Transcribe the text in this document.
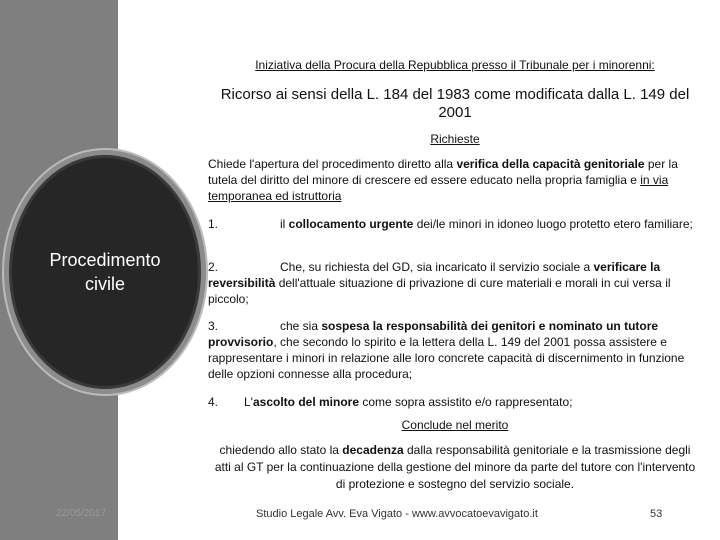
Procedimento civile
Iniziativa della Procura della Repubblica presso il Tribunale per i minorenni:
Ricorso ai sensi della L. 184 del 1983 come modificata dalla L. 149 del 2001
Richieste
Chiede l'apertura del procedimento diretto alla verifica della capacità genitoriale per la tutela del diritto del minore di crescere ed essere educato nella propria famiglia e in via temporanea ed istruttoria
1.	il collocamento urgente dei/le minori in idoneo luogo protetto etero familiare;
2.	Che, su richiesta del GD, sia incaricato il servizio sociale a verificare la reversibilità dell'attuale situazione di privazione di cure materiali e morali in cui versa il piccolo;
3.	che sia sospesa la responsabilità dei genitori e nominato un tutore provvisorio, che secondo lo spirito e la lettera della L. 149 del 2001 possa assistere e rappresentare i minori in relazione alle loro concrete capacità di discernimento in funzione delle opzioni connesse alla procedura;
4. L'ascolto del minore come sopra assistito e/o rappresentato;
Conclude nel merito
chiedendo allo stato la decadenza dalla responsabilità genitoriale e la trasmissione degli atti al GT per la continuazione della gestione del minore da parte del tutore con l'intervento di protezione e sostegno del servizio sociale.
22/05/2017	Studio Legale Avv. Eva Vigato - www.avvocatoevavigato.it	53
